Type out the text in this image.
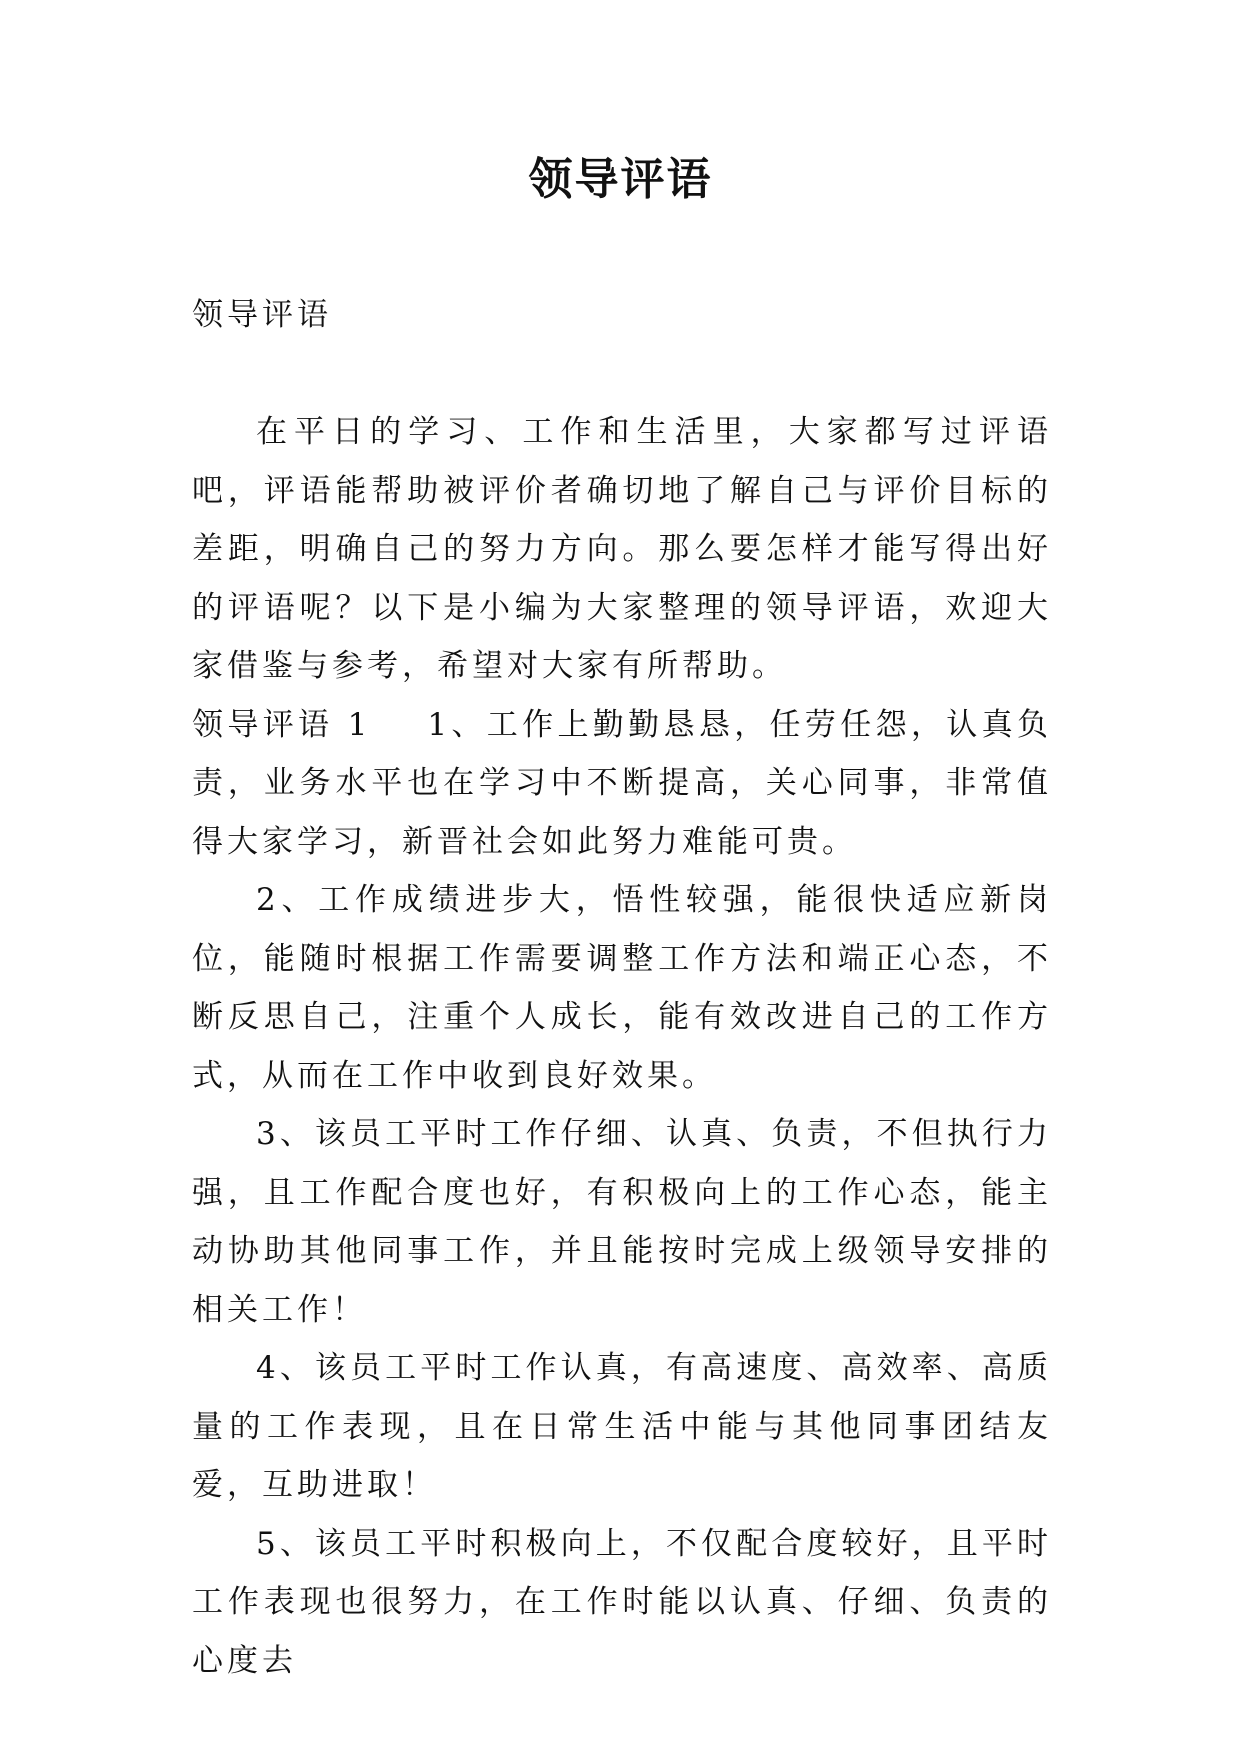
领导评语

领导评语

在平日的学习、工作和生活里，大家都写过评语吧，评语能帮助被评价者确切地了解自己与评价目标的差距，明确自己的努力方向。那么要怎样才能写得出好的评语呢？以下是小编为大家整理的领导评语，欢迎大家借鉴与参考，希望对大家有所帮助。

领导评语 1 1、工作上勤勤恳恳，任劳任怨，认真负责，业务水平也在学习中不断提高，关心同事，非常值得大家学习，新晋社会如此努力难能可贵。

2、工作成绩进步大，悟性较强，能很快适应新岗位，能随时根据工作需要调整工作方法和端正心态，不断反思自己，注重个人成长，能有效改进自己的工作方式，从而在工作中收到良好效果。

3、该员工平时工作仔细、认真、负责，不但执行力强，且工作配合度也好，有积极向上的工作心态，能主动协助其他同事工作，并且能按时完成上级领导安排的相关工作！

4、该员工平时工作认真，有高速度、高效率、高质量的工作表现，且在日常生活中能与其他同事团结友爱，互助进取！

5、该员工平时积极向上，不仅配合度较好，且平时工作表现也很努力，在工作时能以认真、仔细、负责的心度去
